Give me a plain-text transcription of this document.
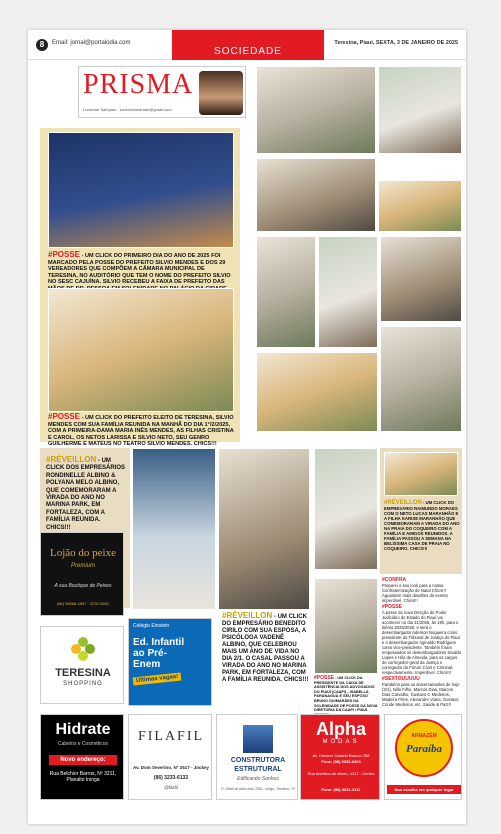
8	Email: jornal@portalodia.com
SOCIEDADE
Teresina, Piauí, SEXTA, 3 DE JANEIRO DE 2025
PRISMA
Lucienne Sampaio - lucienneandrade@gmail.com
#POSSE - UM CLICK DO PRIMEIRO DIA DO ANO DE 2025 FOI MARCADO PELA POSSE DO PREFEITO SILVIO MENDES E DOS 29 VEREADORES QUE COMPÕEM A CÂMARA MUNICIPAL DE TERESINA, NO AUDITÓRIO QUE TEM O NOME DO PREFEITO SILVIO NO SESC CAJUÍNA. SILVIO RECEBEU A FAIXA DE PREFEITO DAS
#POSSE - UM CLICK DO PREFEITO ELEITO DE TERESINA, SILVIO MENDES COM SUA FAMÍLIA REUNIDA NA MANHÃ DO DIA 1°/2/2025, COM A PRIMEIRA-DAMA MARIA INÊS MENDES, AS FILHAS CRISTINA E CAROL, OS NETOS LARISSA E SILVIO NETO, SEU GENRO GUILHERME E MATEUS NO TEATRO SILVIO MENDES. CHICS!!!
#RÉVEILLON - UM CLICK DOS EMPRESÁRIOS RONDINELLE ALBINO & POLYANA MELO ALBINO, QUE COMEMORARAM A VIRADA DO ANO NO MARINA PARK, EM FORTALEZA, COM A FAMÍLIA REUNIDA. CHICS!!!
#RÉVEILLON - UM CLICK DO EMPRESÁRIO BENEDITO CIRILO COM SUA ESPOSA, A PSICÓLOGA VADENÊ ALBINO, QUE CELEBROU MAIS UM ANO DE VIDA NO DIA 2/1. O CASAL PASSOU A VIRADA DO ANO NO MARINA PARK, EM FORTALEZA, COM A FAMÍLIA REUNIDA. CHICS!!!
#RÉVEILLON - UM CLICK DO EMPRESÁRIO RAIMUNDO MORAES COM O NETO LUCAS MARANHÃO E A FILHA KARISE MARANHÃO QUE COMEMORARAM A VIRADA DO ANO NA PRAIA DO COQUEIRO COM A FAMÍLIA E AMIGOS REUNIDOS. A FAMÍLIA PASSOU A SEMANA NA BELÍSSIMA CASA DE PRAIA NO COQUEIRO. CHICS!!!
#POSSE - UM CLICK DA PRESIDENTE DA CAIXA DE ASSISTÊNCIA DOS ADVOGADOS DO PIAUÍ (CAAPI) - ISABELLA PARANAGUÁ E SEU ESPOSO BRUNO GUIMARÃES NA SOLENIDADE DE POSSE DA NOVA DIRETORIA DA CAAPI / PIAUÍ.
#CONFRA
Preparei o seu look para a nossa Confraternização de Natal Chics!!! Aguardem mais detalhes do evento imperdível. Chics!!!
#POSSE
A posse da nova Direção do Poder Judiciário do Estado do Piauí vai acontecer no dia 31/2025, às 19h, para o biênio 2025/2026, e será o desembargador Aderson Nogueira como presidente do Tribunal de Justiça do Piauí e o desembargador Aginaldo Rodrigues como vice-presidente. Também foram empossados os desembargadores Sivaldo Lopes e Hilo de Almeida, para os cargos de corregedor-geral da Justiça e corregedor do Fórum Cível e Criminal, respectivamente. Imperdível. Chics!!!
#SEXTOUUUUU
Parabéns para os aniversariantes de hoje (3/1), Nillo Filho, Marcos Dias, Marcos Dias Carvalho, Gustavo C Medeiros, Madeira Pires, Alexandre Viana, Gustavo Conde Medeiros, etc. Saúde & Paz!!!
Lojão do peixe
Premium
A sua Boutique de Peixes
(86) 98868-4857 · 3232-5652
TERESINA
SHOPPING
Colégio Einstein
Ed. Infantil ao Pré-Enem
Últimas vagas!
Hidrate
Cabelos e Cosméticos
Novo endereço:
Rua Belchior Barros, Nº 3211, Planalto Ininga
FILAFIL
Av. Dom Severino, Nº 2517 - Jockey
(86) 3233-6133
@filafil
CONSTRUTORA
ESTRUTURAL
Edificando Sonhos
R. Gentil de Arêa Leão, 2353 - Ininga - Teresina - PI
Alpha
MODAS
Av. Homero Castelo Branco 258
Fone: (86) 3232-9400
Rua Areolino de Abreu, 1317 - Centro
Fone: (86) 3221-3111
ARMAZÉM
Paraíba
Sua escolha em qualquer lugar
